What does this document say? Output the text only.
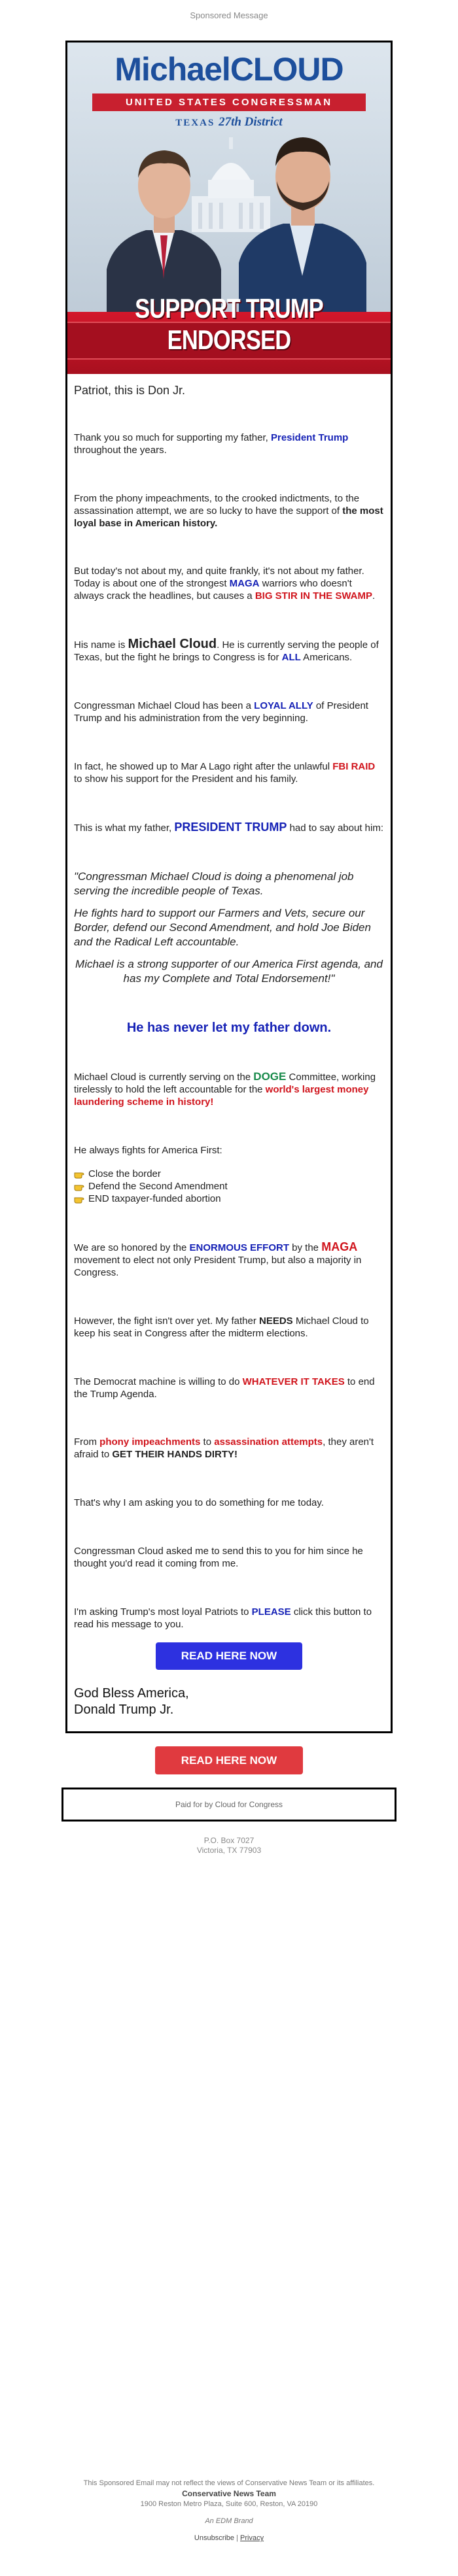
Sponsored Message
MichaelCLOUD
UNITED STATES CONGRESSMAN
TEXAS 27th District
SUPPORT TRUMP ENDORSED

Patriot, this is Don Jr.

Thank you so much for supporting my father, President Trump throughout the years.

From the phony impeachments, to the crooked indictments, to the assassination attempt, we are so lucky to have the support of the most loyal base in American history.

But today's not about my, and quite frankly, it's not about my father. Today is about one of the strongest MAGA warriors who doesn't always crack the headlines, but causes a BIG STIR IN THE SWAMP.

His name is Michael Cloud. He is currently serving the people of Texas, but the fight he brings to Congress is for ALL Americans.

Congressman Michael Cloud has been a LOYAL ALLY of President Trump and his administration from the very beginning.

In fact, he showed up to Mar A Lago right after the unlawful FBI RAID to show his support for the President and his family.

This is what my father, PRESIDENT TRUMP had to say about him:

"Congressman Michael Cloud is doing a phenomenal job serving the incredible people of Texas.

He fights hard to support our Farmers and Vets, secure our Border, defend our Second Amendment, and hold Joe Biden and the Radical Left accountable.

Michael is a strong supporter of our America First agenda, and has my Complete and Total Endorsement!"

He has never let my father down.

Michael Cloud is currently serving on the DOGE Committee, working tirelessly to hold the left accountable for the world's largest money laundering scheme in history!

He always fights for America First:

Close the border
Defend the Second Amendment
END taxpayer-funded abortion

We are so honored by the ENORMOUS EFFORT by the MAGA movement to elect not only President Trump, but also a majority in Congress.

However, the fight isn't over yet. My father NEEDS Michael Cloud to keep his seat in Congress after the midterm elections.

The Democrat machine is willing to do WHATEVER IT TAKES to end the Trump Agenda.

From phony impeachments to assassination attempts, they aren't afraid to GET THEIR HANDS DIRTY!

That's why I am asking you to do something for me today.

Congressman Cloud asked me to send this to you for him since he thought you'd read it coming from me.

I'm asking Trump's most loyal Patriots to PLEASE click this button to read his message to you.

READ HERE NOW

God Bless America,

Donald Trump Jr.

READ HERE NOW
Paid for by Cloud for Congress
P.O. Box 7027
Victoria, TX 77903
This Sponsored Email may not reflect the views of Conservative News Team or its affiliates.
Conservative News Team
1900 Reston Metro Plaza, Suite 600, Reston, VA 20190
An EDM Brand
Unsubscribe | Privacy
